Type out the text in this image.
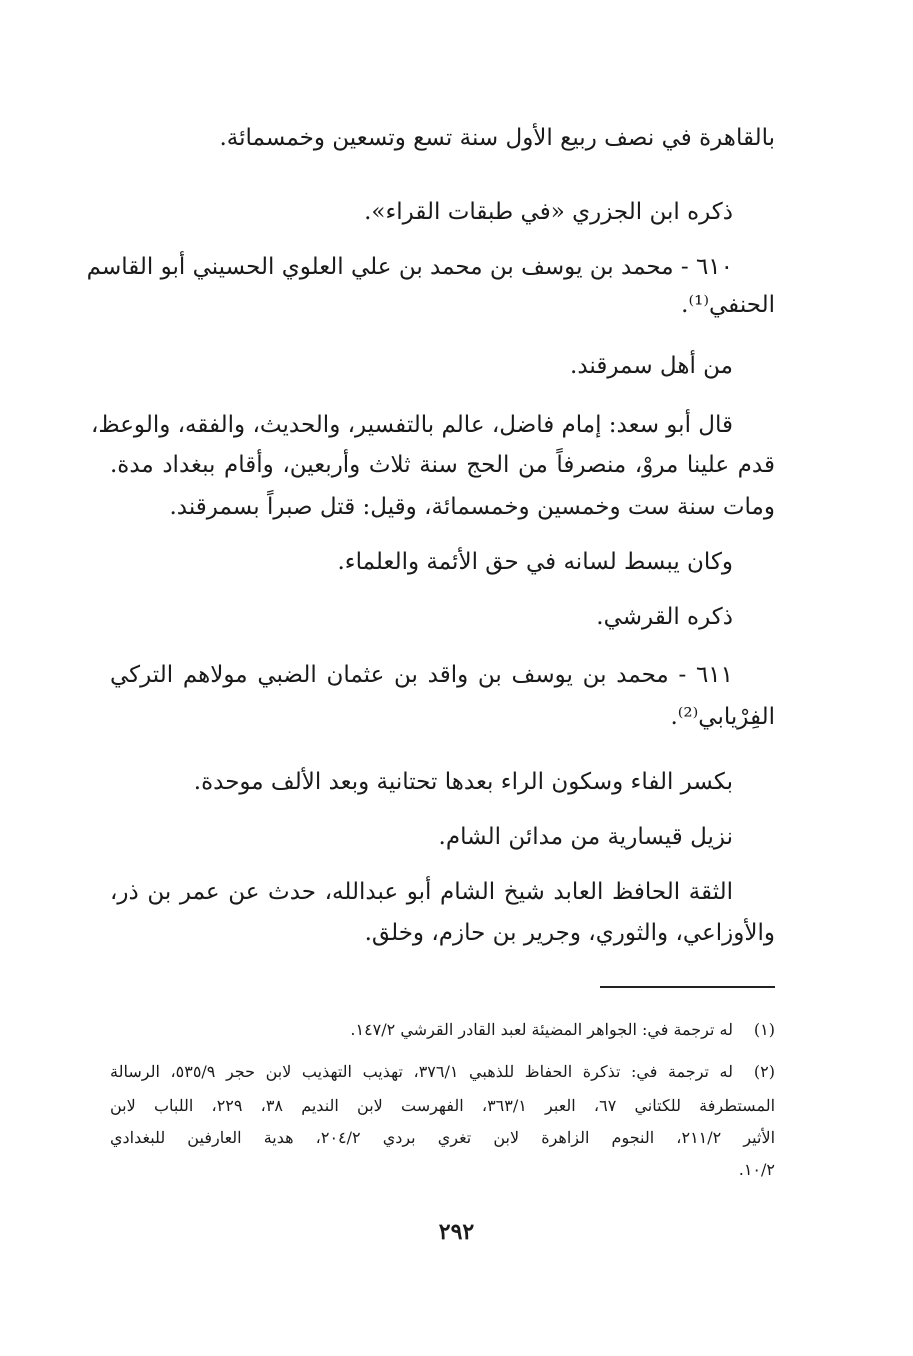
بالقاهرة في نصف ربيع الأول سنة تسع وتسعين وخمسمائة.
ذكره ابن الجزري «في طبقات القراء».
٦١٠ - محمد بن يوسف بن محمد بن علي العلوي الحسيني أبو القاسم
الحنفي⁽¹⁾.
من أهل سمرقند.
قال أبو سعد: إمام فاضل، عالم بالتفسير، والحديث، والفقه، والوعظ،
قدم علينا مروْ، منصرفاً من الحج سنة ثلاث وأربعين، وأقام ببغداد مدة.
ومات سنة ست وخمسين وخمسمائة، وقيل: قتل صبراً بسمرقند.
وكان يبسط لسانه في حق الأئمة والعلماء.
ذكره القرشي.
٦١١ - محمد بن يوسف بن واقد بن عثمان الضبي مولاهم التركي
الفِرْيابي⁽²⁾.
بكسر الفاء وسكون الراء بعدها تحتانية وبعد الألف موحدة.
نزيل قيسارية من مدائن الشام.
الثقة الحافظ العابد شيخ الشام أبو عبدالله، حدث عن عمر بن ذر،
والأوزاعي، والثوري، وجرير بن حازم، وخلق.
(١)
له ترجمة في: الجواهر المضيئة لعبد القادر القرشي ١٤٧/٢.
(٢)
له ترجمة في: تذكرة الحفاظ للذهبي ٣٧٦/١، تهذيب التهذيب لابن حجر ٥٣٥/٩، الرسالة
المستطرفة للكتاني ٦٧، العبر ٣٦٣/١، الفهرست لابن النديم ٣٨، ٢٢٩، اللباب لابن
الأثير ٢١١/٢، النجوم الزاهرة لابن تغري بردي ٢٠٤/٢، هدية العارفين للبغدادي
١٠/٢.
٢٩٢
